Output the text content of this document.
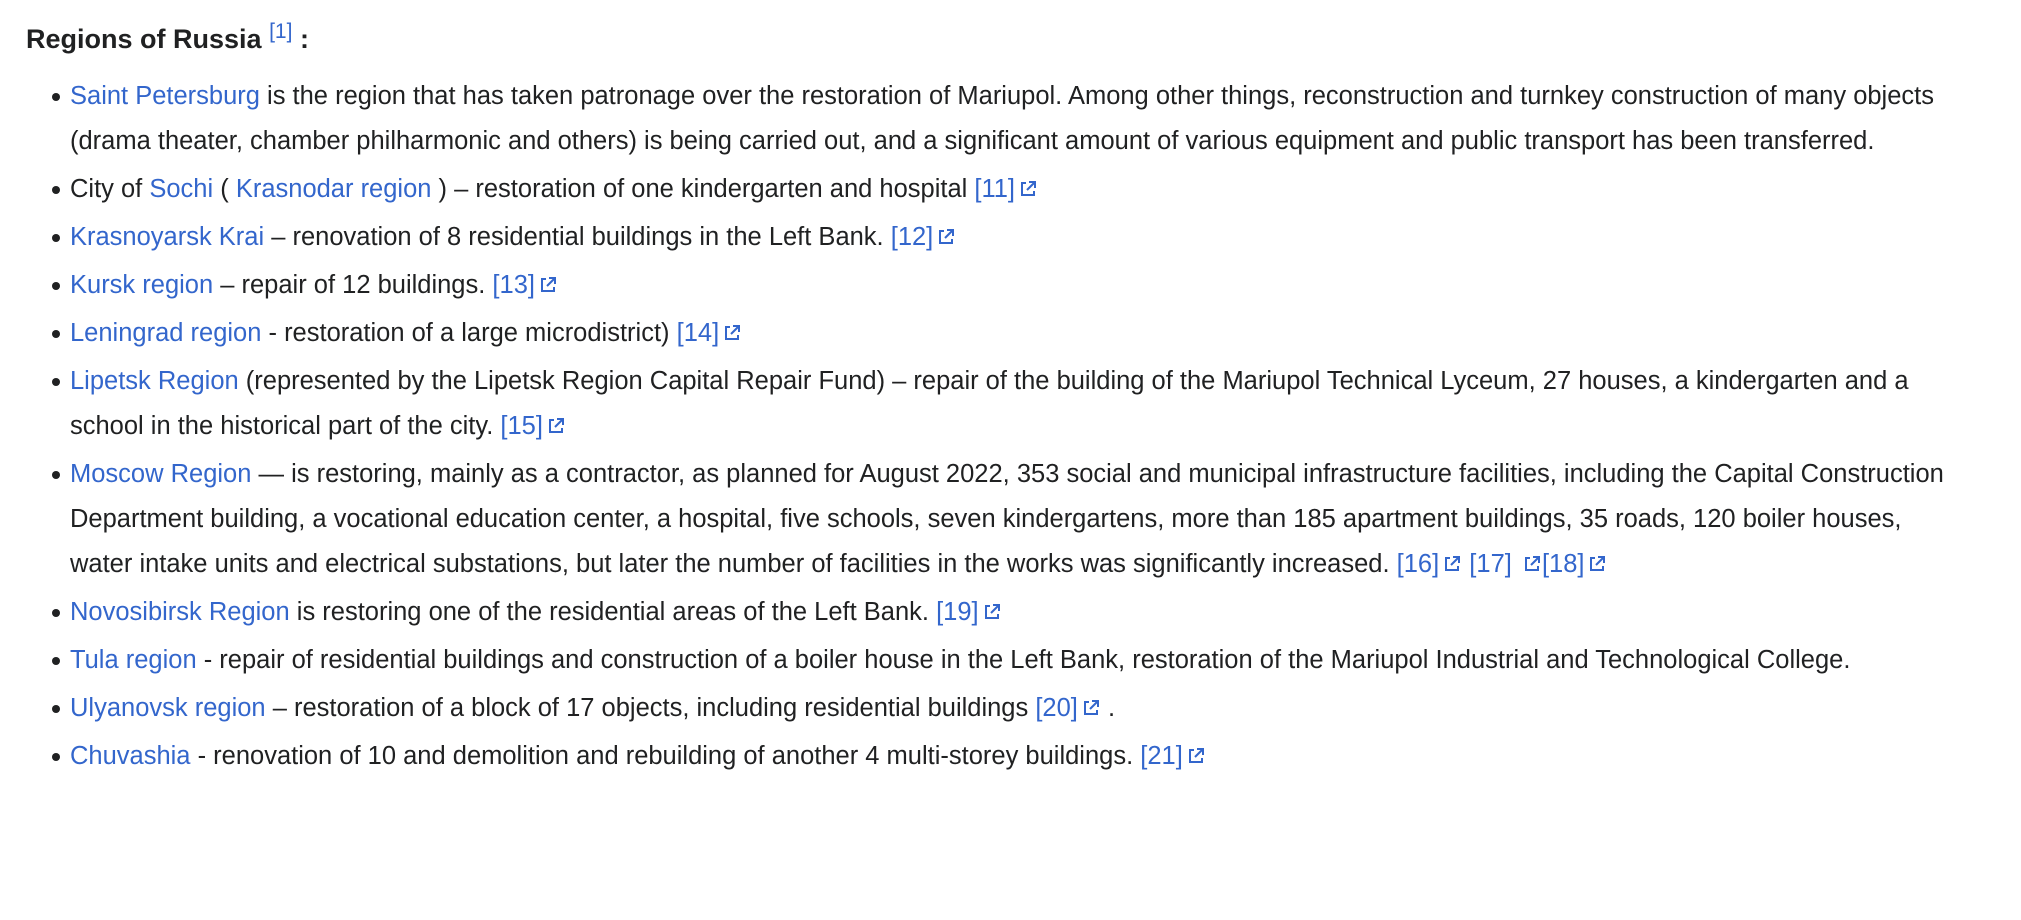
Regions of Russia [1] :
Saint Petersburg is the region that has taken patronage over the restoration of Mariupol. Among other things, reconstruction and turnkey construction of many objects (drama theater, chamber philharmonic and others) is being carried out, and a significant amount of various equipment and public transport has been transferred.
City of Sochi ( Krasnodar region ) – restoration of one kindergarten and hospital [11]
Krasnoyarsk Krai – renovation of 8 residential buildings in the Left Bank. [12]
Kursk region – repair of 12 buildings. [13]
Leningrad region - restoration of a large microdistrict) [14]
Lipetsk Region (represented by the Lipetsk Region Capital Repair Fund) – repair of the building of the Mariupol Technical Lyceum, 27 houses, a kindergarten and a school in the historical part of the city. [15]
Moscow Region — is restoring, mainly as a contractor, as planned for August 2022, 353 social and municipal infrastructure facilities, including the Capital Construction Department building, a vocational education center, a hospital, five schools, seven kindergartens, more than 185 apartment buildings, 35 roads, 120 boiler houses, water intake units and electrical substations, but later the number of facilities in the works was significantly increased. [16] [17] [18]
Novosibirsk Region is restoring one of the residential areas of the Left Bank. [19]
Tula region - repair of residential buildings and construction of a boiler house in the Left Bank, restoration of the Mariupol Industrial and Technological College.
Ulyanovsk region – restoration of a block of 17 objects, including residential buildings [20] .
Chuvashia - renovation of 10 and demolition and rebuilding of another 4 multi-storey buildings. [21]
